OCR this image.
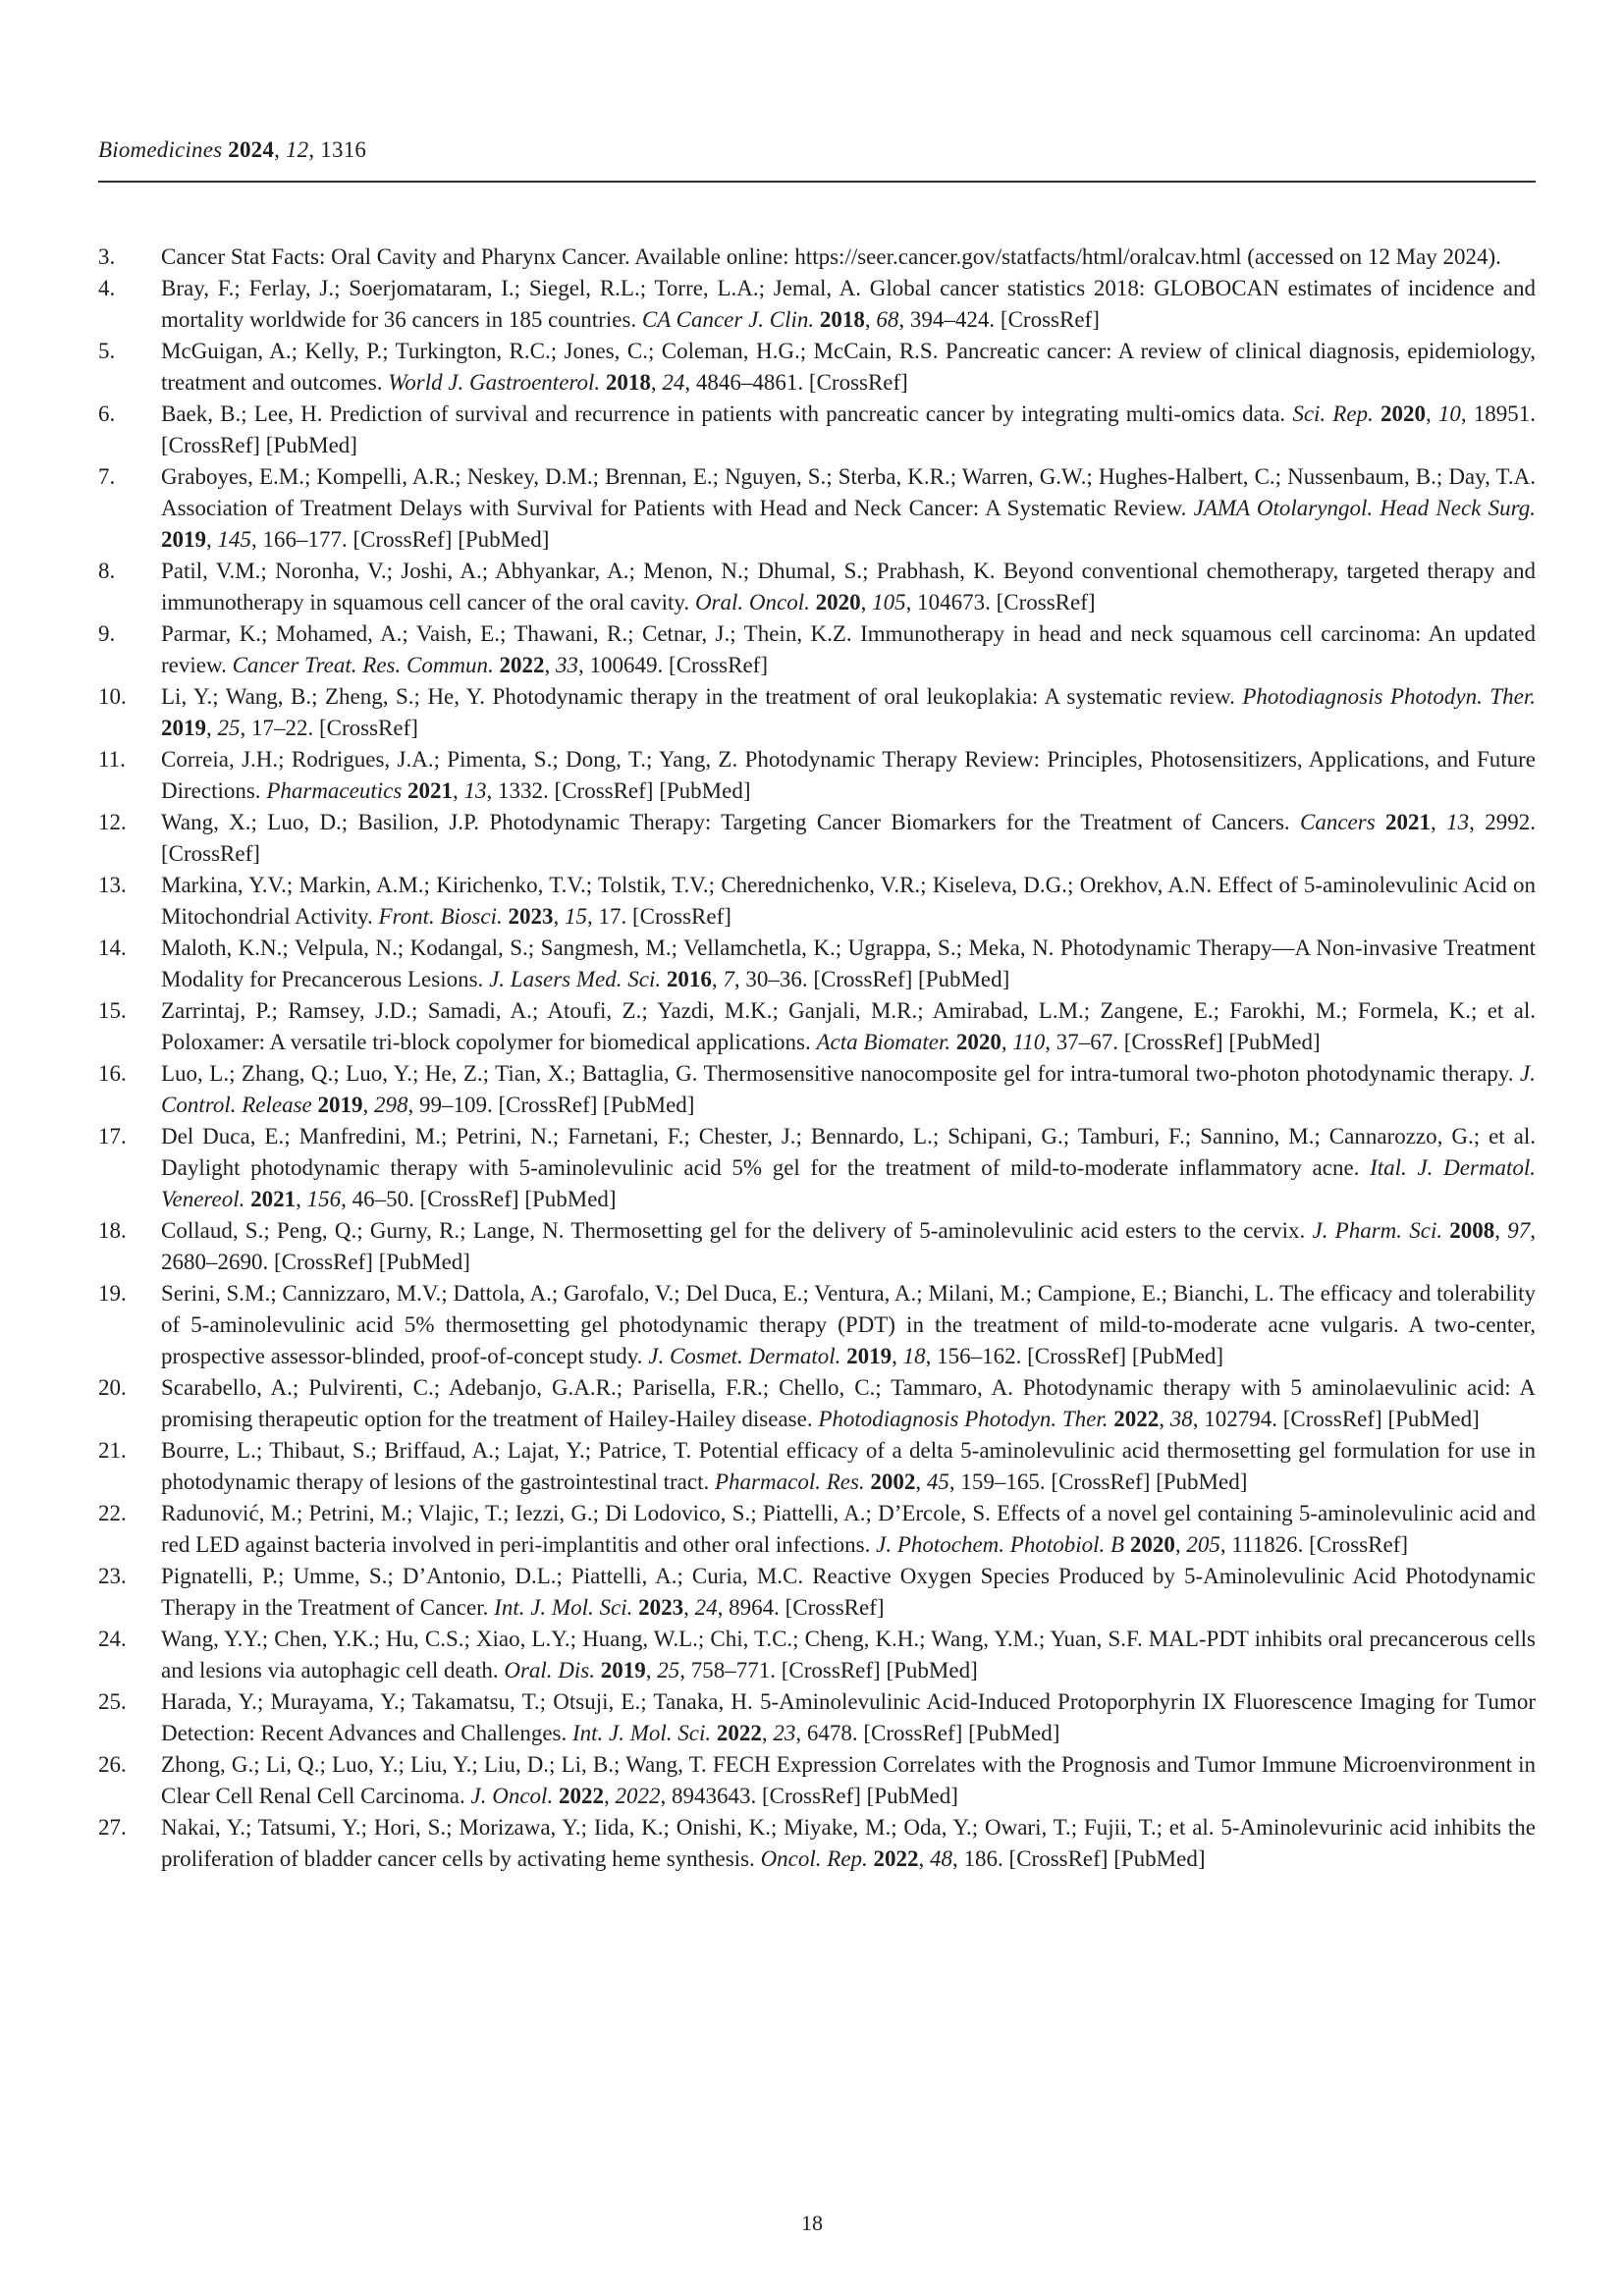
Biomedicines 2024, 12, 1316
3.	Cancer Stat Facts: Oral Cavity and Pharynx Cancer. Available online: https://seer.cancer.gov/statfacts/html/oralcav.html (accessed on 12 May 2024).
4.	Bray, F.; Ferlay, J.; Soerjomataram, I.; Siegel, R.L.; Torre, L.A.; Jemal, A. Global cancer statistics 2018: GLOBOCAN estimates of incidence and mortality worldwide for 36 cancers in 185 countries. CA Cancer J. Clin. 2018, 68, 394–424. [CrossRef]
5.	McGuigan, A.; Kelly, P.; Turkington, R.C.; Jones, C.; Coleman, H.G.; McCain, R.S. Pancreatic cancer: A review of clinical diagnosis, epidemiology, treatment and outcomes. World J. Gastroenterol. 2018, 24, 4846–4861. [CrossRef]
6.	Baek, B.; Lee, H. Prediction of survival and recurrence in patients with pancreatic cancer by integrating multi-omics data. Sci. Rep. 2020, 10, 18951. [CrossRef] [PubMed]
7.	Graboyes, E.M.; Kompelli, A.R.; Neskey, D.M.; Brennan, E.; Nguyen, S.; Sterba, K.R.; Warren, G.W.; Hughes-Halbert, C.; Nussenbaum, B.; Day, T.A. Association of Treatment Delays with Survival for Patients with Head and Neck Cancer: A Systematic Review. JAMA Otolaryngol. Head Neck Surg. 2019, 145, 166–177. [CrossRef] [PubMed]
8.	Patil, V.M.; Noronha, V.; Joshi, A.; Abhyankar, A.; Menon, N.; Dhumal, S.; Prabhash, K. Beyond conventional chemotherapy, targeted therapy and immunotherapy in squamous cell cancer of the oral cavity. Oral. Oncol. 2020, 105, 104673. [CrossRef]
9.	Parmar, K.; Mohamed, A.; Vaish, E.; Thawani, R.; Cetnar, J.; Thein, K.Z. Immunotherapy in head and neck squamous cell carcinoma: An updated review. Cancer Treat. Res. Commun. 2022, 33, 100649. [CrossRef]
10.	Li, Y.; Wang, B.; Zheng, S.; He, Y. Photodynamic therapy in the treatment of oral leukoplakia: A systematic review. Photodiagnosis Photodyn. Ther. 2019, 25, 17–22. [CrossRef]
11.	Correia, J.H.; Rodrigues, J.A.; Pimenta, S.; Dong, T.; Yang, Z. Photodynamic Therapy Review: Principles, Photosensitizers, Applications, and Future Directions. Pharmaceutics 2021, 13, 1332. [CrossRef] [PubMed]
12.	Wang, X.; Luo, D.; Basilion, J.P. Photodynamic Therapy: Targeting Cancer Biomarkers for the Treatment of Cancers. Cancers 2021, 13, 2992. [CrossRef]
13.	Markina, Y.V.; Markin, A.M.; Kirichenko, T.V.; Tolstik, T.V.; Cherednichenko, V.R.; Kiseleva, D.G.; Orekhov, A.N. Effect of 5-aminolevulinic Acid on Mitochondrial Activity. Front. Biosci. 2023, 15, 17. [CrossRef]
14.	Maloth, K.N.; Velpula, N.; Kodangal, S.; Sangmesh, M.; Vellamchetla, K.; Ugrappa, S.; Meka, N. Photodynamic Therapy—A Non-invasive Treatment Modality for Precancerous Lesions. J. Lasers Med. Sci. 2016, 7, 30–36. [CrossRef] [PubMed]
15.	Zarrintaj, P.; Ramsey, J.D.; Samadi, A.; Atoufi, Z.; Yazdi, M.K.; Ganjali, M.R.; Amirabad, L.M.; Zangene, E.; Farokhi, M.; Formela, K.; et al. Poloxamer: A versatile tri-block copolymer for biomedical applications. Acta Biomater. 2020, 110, 37–67. [CrossRef] [PubMed]
16.	Luo, L.; Zhang, Q.; Luo, Y.; He, Z.; Tian, X.; Battaglia, G. Thermosensitive nanocomposite gel for intra-tumoral two-photon photodynamic therapy. J. Control. Release 2019, 298, 99–109. [CrossRef] [PubMed]
17.	Del Duca, E.; Manfredini, M.; Petrini, N.; Farnetani, F.; Chester, J.; Bennardo, L.; Schipani, G.; Tamburi, F.; Sannino, M.; Cannarozzo, G.; et al. Daylight photodynamic therapy with 5-aminolevulinic acid 5% gel for the treatment of mild-to-moderate inflammatory acne. Ital. J. Dermatol. Venereol. 2021, 156, 46–50. [CrossRef] [PubMed]
18.	Collaud, S.; Peng, Q.; Gurny, R.; Lange, N. Thermosetting gel for the delivery of 5-aminolevulinic acid esters to the cervix. J. Pharm. Sci. 2008, 97, 2680–2690. [CrossRef] [PubMed]
19.	Serini, S.M.; Cannizzaro, M.V.; Dattola, A.; Garofalo, V.; Del Duca, E.; Ventura, A.; Milani, M.; Campione, E.; Bianchi, L. The efficacy and tolerability of 5-aminolevulinic acid 5% thermosetting gel photodynamic therapy (PDT) in the treatment of mild-to-moderate acne vulgaris. A two-center, prospective assessor-blinded, proof-of-concept study. J. Cosmet. Dermatol. 2019, 18, 156–162. [CrossRef] [PubMed]
20.	Scarabello, A.; Pulvirenti, C.; Adebanjo, G.A.R.; Parisella, F.R.; Chello, C.; Tammaro, A. Photodynamic therapy with 5 aminolaevulinic acid: A promising therapeutic option for the treatment of Hailey-Hailey disease. Photodiagnosis Photodyn. Ther. 2022, 38, 102794. [CrossRef] [PubMed]
21.	Bourre, L.; Thibaut, S.; Briffaud, A.; Lajat, Y.; Patrice, T. Potential efficacy of a delta 5-aminolevulinic acid thermosetting gel formulation for use in photodynamic therapy of lesions of the gastrointestinal tract. Pharmacol. Res. 2002, 45, 159–165. [CrossRef] [PubMed]
22.	Radunović, M.; Petrini, M.; Vlajic, T.; Iezzi, G.; Di Lodovico, S.; Piattelli, A.; D’Ercole, S. Effects of a novel gel containing 5-aminolevulinic acid and red LED against bacteria involved in peri-implantitis and other oral infections. J. Photochem. Photobiol. B 2020, 205, 111826. [CrossRef]
23.	Pignatelli, P.; Umme, S.; D’Antonio, D.L.; Piattelli, A.; Curia, M.C. Reactive Oxygen Species Produced by 5-Aminolevulinic Acid Photodynamic Therapy in the Treatment of Cancer. Int. J. Mol. Sci. 2023, 24, 8964. [CrossRef]
24.	Wang, Y.Y.; Chen, Y.K.; Hu, C.S.; Xiao, L.Y.; Huang, W.L.; Chi, T.C.; Cheng, K.H.; Wang, Y.M.; Yuan, S.F. MAL-PDT inhibits oral precancerous cells and lesions via autophagic cell death. Oral. Dis. 2019, 25, 758–771. [CrossRef] [PubMed]
25.	Harada, Y.; Murayama, Y.; Takamatsu, T.; Otsuji, E.; Tanaka, H. 5-Aminolevulinic Acid-Induced Protoporphyrin IX Fluorescence Imaging for Tumor Detection: Recent Advances and Challenges. Int. J. Mol. Sci. 2022, 23, 6478. [CrossRef] [PubMed]
26.	Zhong, G.; Li, Q.; Luo, Y.; Liu, Y.; Liu, D.; Li, B.; Wang, T. FECH Expression Correlates with the Prognosis and Tumor Immune Microenvironment in Clear Cell Renal Cell Carcinoma. J. Oncol. 2022, 2022, 8943643. [CrossRef] [PubMed]
27.	Nakai, Y.; Tatsumi, Y.; Hori, S.; Morizawa, Y.; Iida, K.; Onishi, K.; Miyake, M.; Oda, Y.; Owari, T.; Fujii, T.; et al. 5-Aminolevurinic acid inhibits the proliferation of bladder cancer cells by activating heme synthesis. Oncol. Rep. 2022, 48, 186. [CrossRef] [PubMed]
18
